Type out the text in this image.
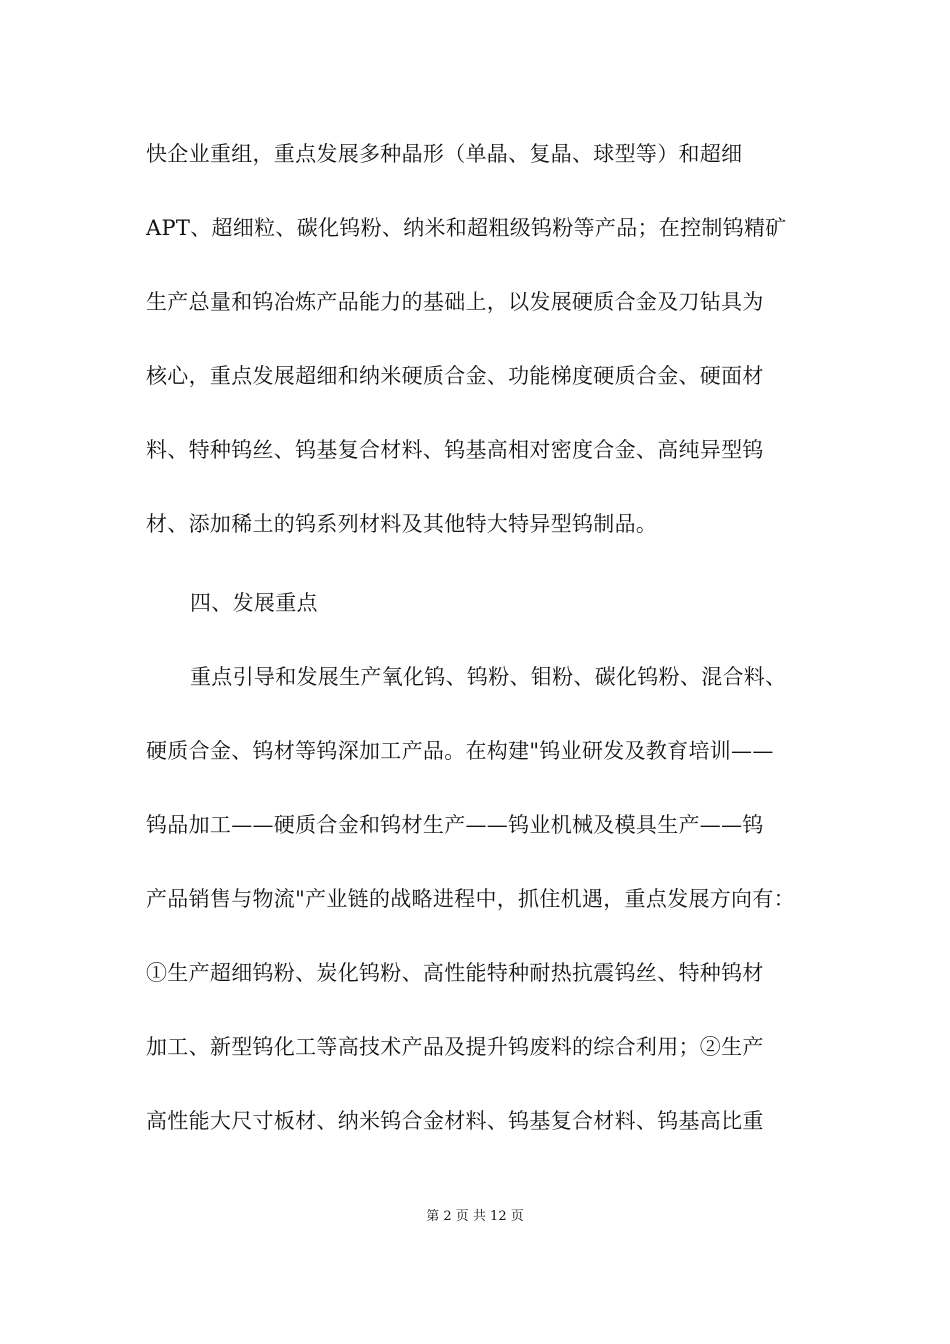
快企业重组，重点发展多种晶形（单晶、复晶、球型等）和超细
APT、超细粒、碳化钨粉、纳米和超粗级钨粉等产品；在控制钨精矿
生产总量和钨冶炼产品能力的基础上，以发展硬质合金及刀钻具为
核心，重点发展超细和纳米硬质合金、功能梯度硬质合金、硬面材
料、特种钨丝、钨基复合材料、钨基高相对密度合金、高纯异型钨
材、添加稀土的钨系列材料及其他特大特异型钨制品。
四、发展重点
重点引导和发展生产氧化钨、钨粉、钼粉、碳化钨粉、混合料、
硬质合金、钨材等钨深加工产品。在构建"钨业研发及教育培训——
钨品加工——硬质合金和钨材生产——钨业机械及模具生产——钨
产品销售与物流"产业链的战略进程中，抓住机遇，重点发展方向有：
①生产超细钨粉、炭化钨粉、高性能特种耐热抗震钨丝、特种钨材
加工、新型钨化工等高技术产品及提升钨废料的综合利用；②生产
高性能大尺寸板材、纳米钨合金材料、钨基复合材料、钨基高比重
第 2 页 共 12 页
